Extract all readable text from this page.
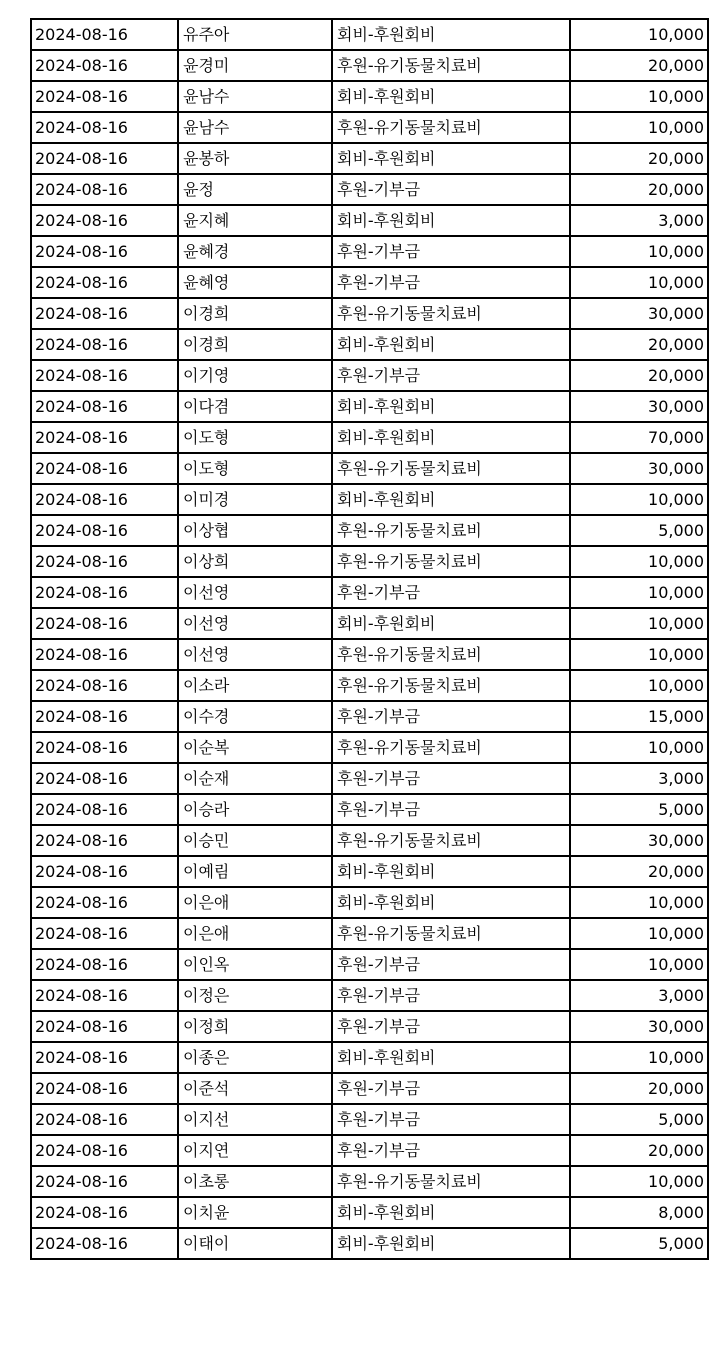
2024-08-16	유주아	회비-후원회비	10,000
2024-08-16	윤경미	후원-유기동물치료비	20,000
2024-08-16	윤남수	회비-후원회비	10,000
2024-08-16	윤남수	후원-유기동물치료비	10,000
2024-08-16	윤봉하	회비-후원회비	20,000
2024-08-16	윤정	후원-기부금	20,000
2024-08-16	윤지혜	회비-후원회비	3,000
2024-08-16	윤혜경	후원-기부금	10,000
2024-08-16	윤혜영	후원-기부금	10,000
2024-08-16	이경희	후원-유기동물치료비	30,000
2024-08-16	이경희	회비-후원회비	20,000
2024-08-16	이기영	후원-기부금	20,000
2024-08-16	이다겸	회비-후원회비	30,000
2024-08-16	이도형	회비-후원회비	70,000
2024-08-16	이도형	후원-유기동물치료비	30,000
2024-08-16	이미경	회비-후원회비	10,000
2024-08-16	이상협	후원-유기동물치료비	5,000
2024-08-16	이상희	후원-유기동물치료비	10,000
2024-08-16	이선영	후원-기부금	10,000
2024-08-16	이선영	회비-후원회비	10,000
2024-08-16	이선영	후원-유기동물치료비	10,000
2024-08-16	이소라	후원-유기동물치료비	10,000
2024-08-16	이수경	후원-기부금	15,000
2024-08-16	이순복	후원-유기동물치료비	10,000
2024-08-16	이순재	후원-기부금	3,000
2024-08-16	이승라	후원-기부금	5,000
2024-08-16	이승민	후원-유기동물치료비	30,000
2024-08-16	이예림	회비-후원회비	20,000
2024-08-16	이은애	회비-후원회비	10,000
2024-08-16	이은애	후원-유기동물치료비	10,000
2024-08-16	이인옥	후원-기부금	10,000
2024-08-16	이정은	후원-기부금	3,000
2024-08-16	이정희	후원-기부금	30,000
2024-08-16	이종은	회비-후원회비	10,000
2024-08-16	이준석	후원-기부금	20,000
2024-08-16	이지선	후원-기부금	5,000
2024-08-16	이지연	후원-기부금	20,000
2024-08-16	이초롱	후원-유기동물치료비	10,000
2024-08-16	이치윤	회비-후원회비	8,000
2024-08-16	이태이	회비-후원회비	5,000
